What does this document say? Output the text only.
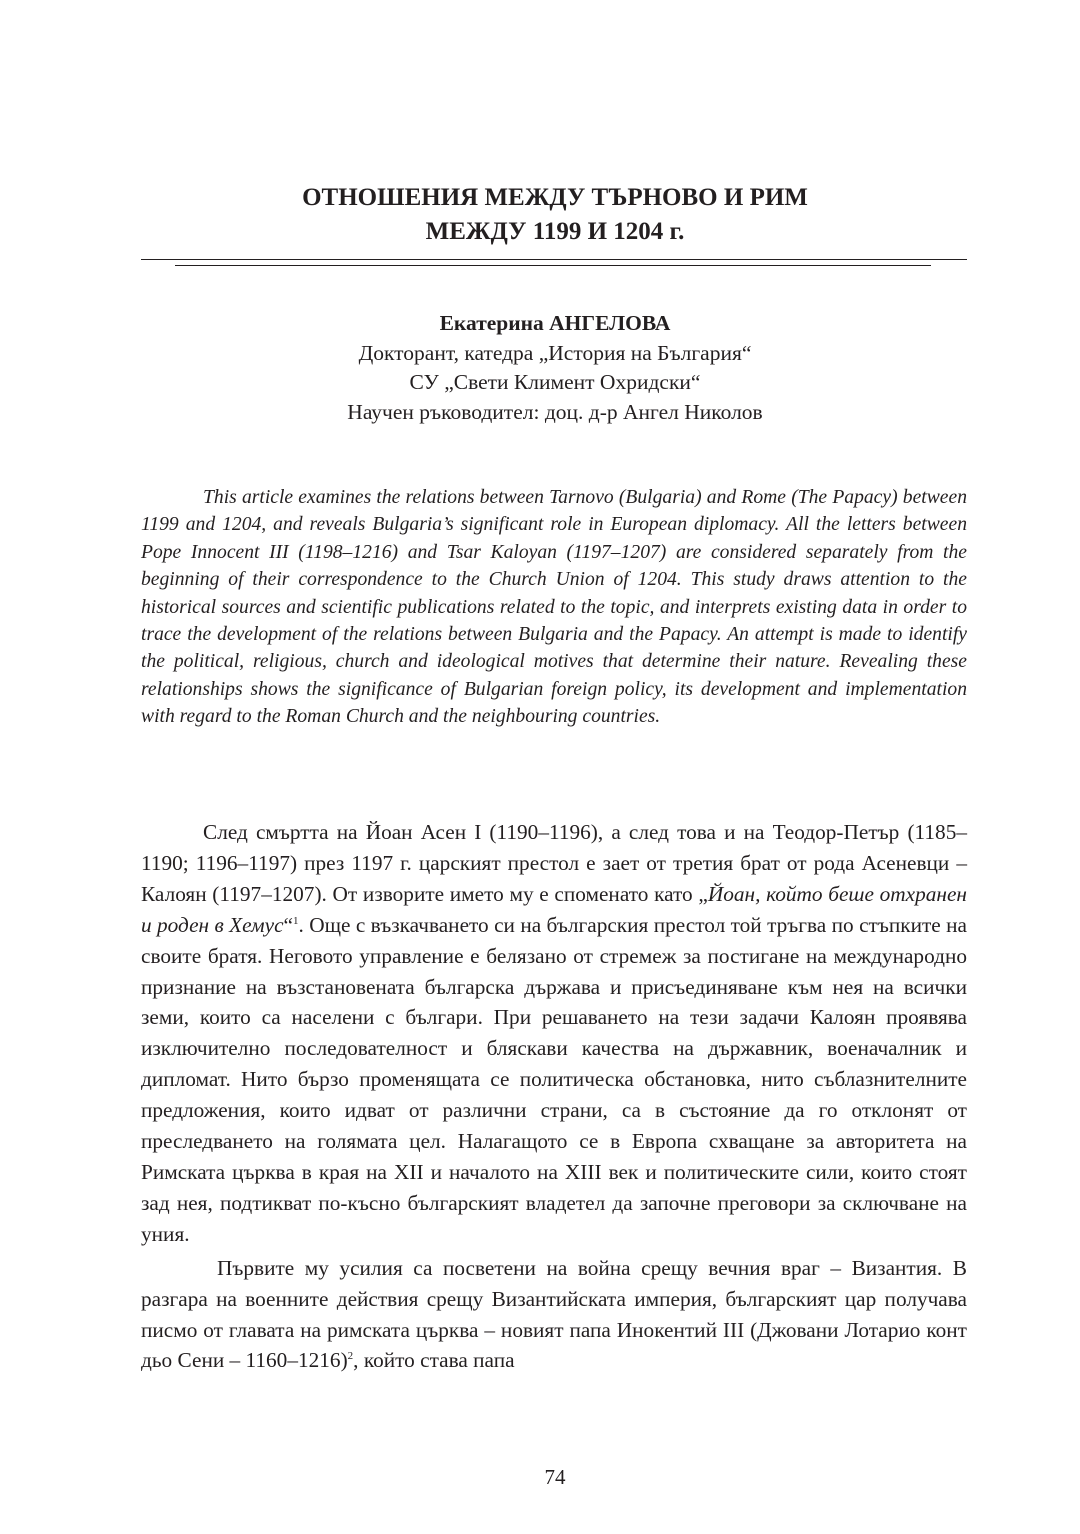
ОТНОШЕНИЯ МЕЖДУ ТЪРНОВО И РИМ
МЕЖДУ 1199 И 1204 г.
Екатерина АНГЕЛОВА
Докторант, катедра „История на България“
СУ „Свети Климент Охридски“
Научен ръководител: доц. д-р Ангел Николов
This article examines the relations between Tarnovo (Bulgaria) and Rome (The Papacy) between 1199 and 1204, and reveals Bulgaria’s significant role in European diplomacy. All the letters between Pope Innocent III (1198–1216) and Tsar Kaloyan (1197–1207) are considered separately from the beginning of their correspondence to the Church Union of 1204. This study draws attention to the historical sources and scientific publications related to the topic, and interprets existing data in order to trace the development of the relations between Bulgaria and the Papacy. An attempt is made to identify the political, religious, church and ideological motives that determine their nature. Revealing these relationships shows the significance of Bulgarian foreign policy, its development and implementation with regard to the Roman Church and the neighbouring countries.

След смъртта на Йоан Асен I (1190–1196), а след това и на Теодор-Петър (1185–1190; 1196–1197) през 1197 г. царският престол е зает от третия брат от рода Асеневци – Калоян (1197–1207). От изворите името му е споменато като „Йоан, който беше отхранен и роден в Хемус“$^1$. Още с възкачването си на българския престол той тръгва по стъпките на своите братя. Неговото управление е белязано от стремеж за постигане на международно признание на възстановената българска държава и присъединяване към нея на всички земи, които са населени с българи. При решаването на тези задачи Калоян проявява изключително последователност и бляскави качества на държавник, военачалник и дипломат. Нито бързо променящата се политическа обстановка, нито съблазнителните предложения, които идват от различни страни, са в състояние да го отклонят от преследването на голямата цел. Налагащото се в Европа схващане за авторитета на Римската църква в края на XII и началото на XIII век и политическите сили, които стоят зад нея, подтикват по-късно българският владетел да започне преговори за сключване на уния.

Първите му усилия са посветени на война срещу вечния враг – Византия. В разгара на военните действия срещу Византийската империя, българският цар получава писмо от главата на римската църква – новият папа Инокентий III (Джовани Лотарио конт дьо Сени – 1160–1216)$^2$, който става папа

74
